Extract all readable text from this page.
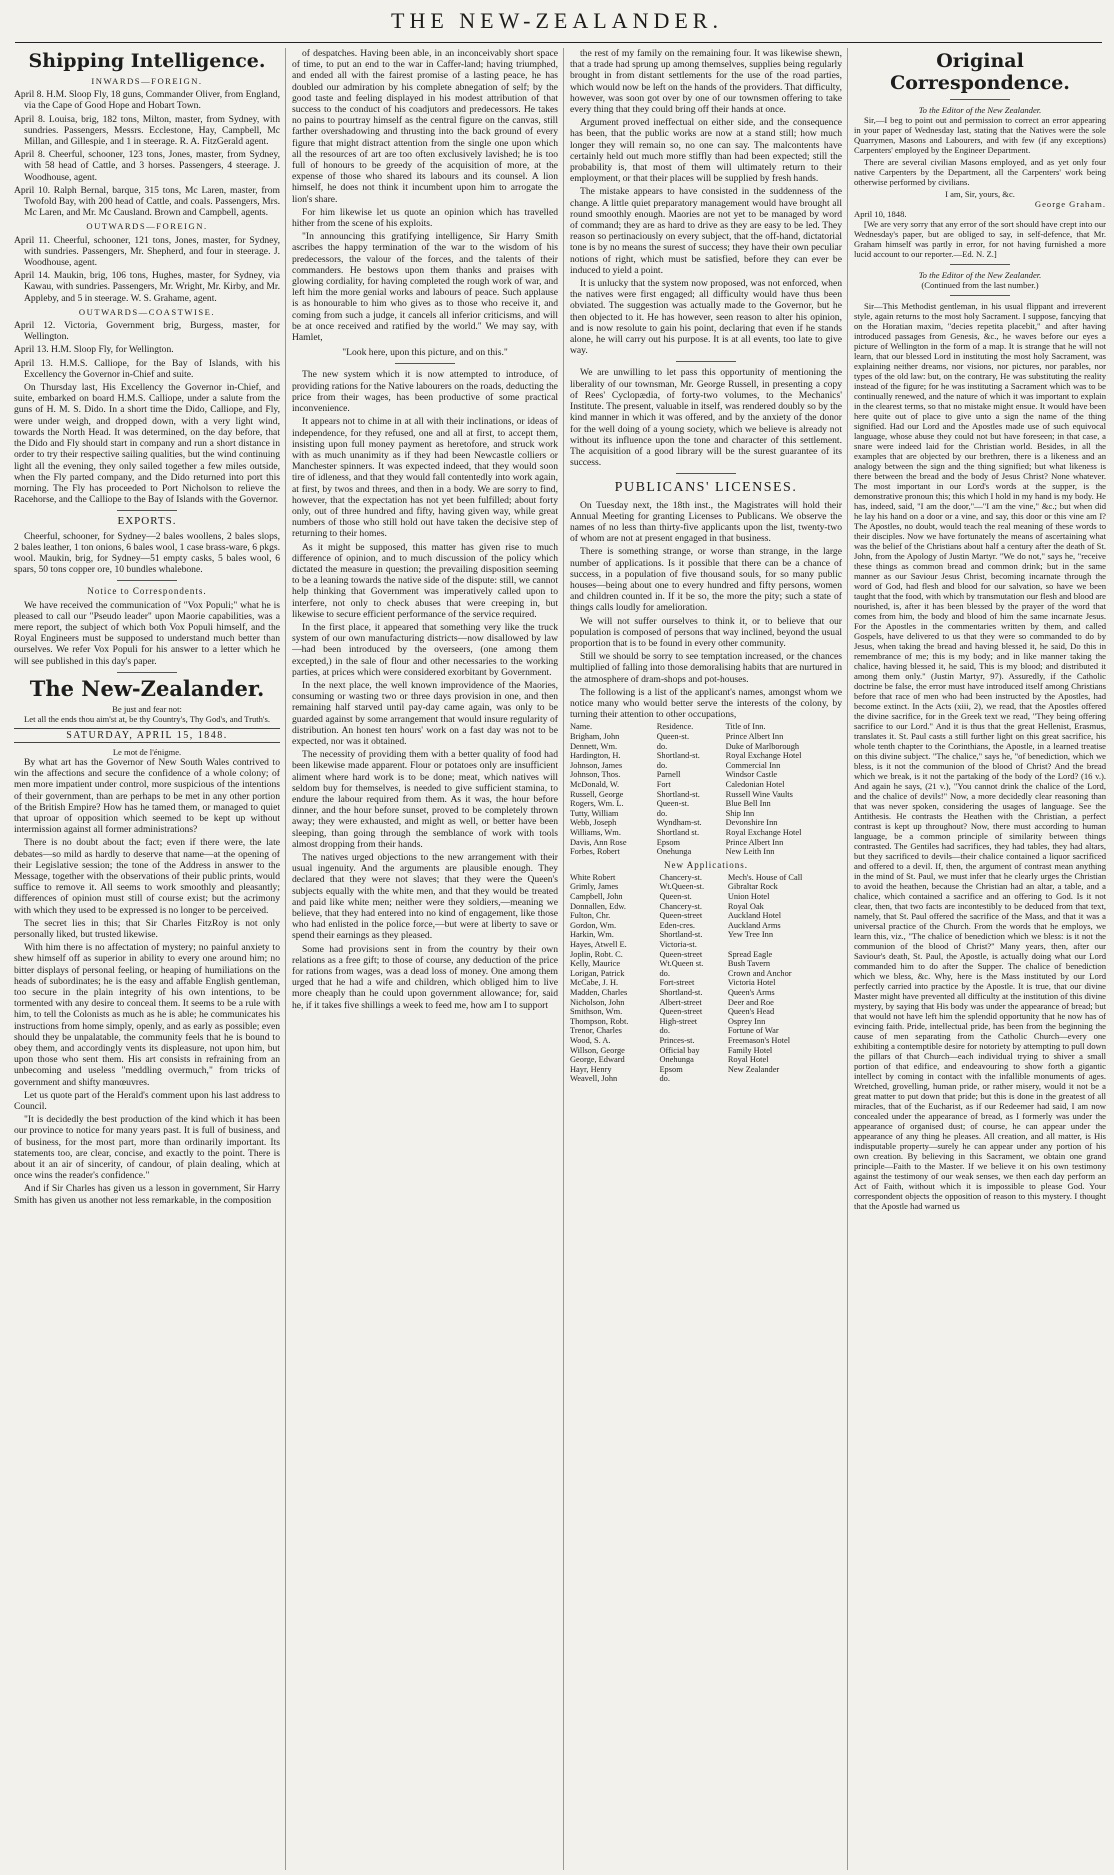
THE NEW-ZEALANDER.
Shipping Intelligence.
INWARDS—FOREIGN.

April 8. H.M. Sloop Fly, 18 guns, Commander Oliver, from England, via the Cape of Good Hope and Hobart Town.

April 8. Louisa, brig, 182 tons, Milton, master, from Sydney, with sundries. Passengers, Messrs. Ecclestone, Hay, Campbell, Mc Millan, and Gillespie, and 1 in steerage. R. A. FitzGerald agent.

April 8. Cheerful, schooner, 123 tons, Jones, master, from Sydney, with 58 head of Cattle, and 3 horses. Passengers, 4 steerage. J. Woodhouse, agent.

April 10. Ralph Bernal, barque, 315 tons, Mc Laren, master, from Twofold Bay, with 200 head of Cattle, and coals. Passengers, Mrs. Mc Laren, and Mr. Mc Causland. Brown and Campbell, agents.

OUTWARDS—FOREIGN.

April 11. Cheerful, schooner, 121 tons, Jones, master, for Sydney, with sundries. Passengers, Mr. Shepherd, and four in steerage. J. Woodhouse, agent.

April 14. Maukin, brig, 106 tons, Hughes, master, for Sydney, via Kawau, with sundries. Passengers, Mr. Wright, Mr. Kirby, and Mr. Appleby, and 5 in steerage. W. S. Grahame, agent.

OUTWARDS—COASTWISE.

April 12. Victoria, Government brig, Burgess, master, for Wellington.

April 13. H.M. Sloop Fly, for Wellington.

April 13. H.M.S. Calliope, for the Bay of Islands, with his Excellency the Governor in-Chief and suite.

On Thursday last, His Excellency the Governor in-Chief, and suite, embarked on board H.M.S. Calliope, under a salute from the guns of H. M. S. Dido. In a short time the Dido, Calliope, and Fly, were under weigh, and dropped down, with a very light wind, towards the North Head. It was determined, on the day before, that the Dido and Fly should start in company and run a short distance in order to try their respective sailing qualities, but the wind continuing light all the evening, they only sailed together a few miles outside, when the Fly parted company, and the Dido returned into port this morning. The Fly has proceeded to Port Nicholson to relieve the Racehorse, and the Calliope to the Bay of Islands with the Governor.

EXPORTS.

Cheerful, schooner, for Sydney—2 bales woollens, 2 bales slops, 2 bales leather, 1 ton onions, 6 bales wool, 1 case brass-ware, 6 pkgs. wool. Maukin, brig, for Sydney—51 empty casks, 5 bales wool, 6 spars, 50 tons copper ore, 10 bundles whalebone.

Notice to Correspondents.

We have received the communication of "Vox Populi;" what he is pleased to call our "Pseudo leader" upon Maorie capabilities, was a mere report, the subject of which both Vox Populi himself, and the Royal Engineers must be supposed to understand much better than ourselves. We refer Vox Populi for his answer to a letter which he will see published in this day's paper.

The New-Zealander.
Be just and fear not:
Let all the ends thou aim'st at, be thy Country's, Thy God's, and Truth's.
SATURDAY, APRIL 15, 1848.
Le mot de l'énigme.

By what art has the Governor of New South Wales contrived to win the affections and secure the confidence of a whole colony; of men more impatient under control, more suspicious of the intentions of their government, than are perhaps to be met in any other portion of the British Empire? How has he tamed them, or managed to quiet that uproar of opposition which seemed to be kept up without intermission against all former administrations?

There is no doubt about the fact; even if there were, the late debates—so mild as hardly to deserve that name—at the opening of their Legislative session; the tone of the Address in answer to the Message, together with the observations of their public prints, would suffice to remove it. All seems to work smoothly and pleasantly; differences of opinion must still of course exist; but the acrimony with which they used to be expressed is no longer to be perceived.

The secret lies in this; that Sir Charles FitzRoy is not only personally liked, but trusted likewise.

With him there is no affectation of mystery; no painful anxiety to shew himself off as superior in ability to every one around him; no bitter displays of personal feeling, or heaping of humiliations on the heads of subordinates; he is the easy and affable English gentleman, too secure in the plain integrity of his own intentions, to be tormented with any desire to conceal them. It seems to be a rule with him, to tell the Colonists as much as he is able; he communicates his instructions from home simply, openly, and as early as possible; even should they be unpalatable, the community feels that he is bound to obey them, and accordingly vents its displeasure, not upon him, but upon those who sent them. His art consists in refraining from an unbecoming and useless "meddling overmuch," from tricks of government and shifty manœuvres.

Let us quote part of the Herald's comment upon his last address to Council.

"It is decidedly the best production of the kind which it has been our province to notice for many years past. It is full of business, and of business, for the most part, more than ordinarily important. Its statements too, are clear, concise, and exactly to the point. There is about it an air of sincerity, of candour, of plain dealing, which at once wins the reader's confidence."

And if Sir Charles has given us a lesson in government, Sir Harry Smith has given us another not less remarkable, in the composition

of despatches. Having been able, in an inconceivably short space of time, to put an end to the war in Caffer-land; having triumphed, and ended all with the fairest promise of a lasting peace, he has doubled our admiration by his complete abnegation of self; by the good taste and feeling displayed in his modest attribution of that success to the conduct of his coadjutors and predecessors. He takes no pains to pourtray himself as the central figure on the canvas, still farther overshadowing and thrusting into the back ground of every figure that might distract attention from the single one upon which all the resources of art are too often exclusively lavished; he is too full of honours to be greedy of the acquisition of more, at the expense of those who shared its labours and its counsel. A lion himself, he does not think it incumbent upon him to arrogate the lion's share.

For him likewise let us quote an opinion which has travelled hither from the scene of his exploits.

"In announcing this gratifying intelligence, Sir Harry Smith ascribes the happy termination of the war to the wisdom of his predecessors, the valour of the forces, and the talents of their commanders. He bestows upon them thanks and praises with glowing cordiality, for having completed the rough work of war, and left him the more genial works and labours of peace. Such applause is as honourable to him who gives as to those who receive it, and coming from such a judge, it cancels all inferior criticisms, and will be at once received and ratified by the world." We may say, with Hamlet,

"Look here, upon this picture, and on this."

The new system which it is now attempted to introduce, of providing rations for the Native labourers on the roads, deducting the price from their wages, has been productive of some practical inconvenience.

It appears not to chime in at all with their inclinations, or ideas of independence, for they refused, one and all at first, to accept them, insisting upon full money payment as heretofore, and struck work with as much unanimity as if they had been Newcastle colliers or Manchester spinners. It was expected indeed, that they would soon tire of idleness, and that they would fall contentedly into work again, at first, by twos and threes, and then in a body. We are sorry to find, however, that the expectation has not yet been fulfilled; about forty only, out of three hundred and fifty, having given way, while great numbers of those who still hold out have taken the decisive step of returning to their homes.

As it might be supposed, this matter has given rise to much difference of opinion, and to much discussion of the policy which dictated the measure in question; the prevailing disposition seeming to be a leaning towards the native side of the dispute: still, we cannot help thinking that Government was imperatively called upon to interfere, not only to check abuses that were creeping in, but likewise to secure efficient performance of the service required.

In the first place, it appeared that something very like the truck system of our own manufacturing districts—now disallowed by law—had been introduced by the overseers, (one among them excepted,) in the sale of flour and other necessaries to the working parties, at prices which were considered exorbitant by Government.

In the next place, the well known improvidence of the Maories, consuming or wasting two or three days provision in one, and then remaining half starved until pay-day came again, was only to be guarded against by some arrangement that would insure regularity of distribution. An honest ten hours' work on a fast day was not to be expected, nor was it obtained.

The necessity of providing them with a better quality of food had been likewise made apparent. Flour or potatoes only are insufficient aliment where hard work is to be done; meat, which natives will seldom buy for themselves, is needed to give sufficient stamina, to endure the labour required from them. As it was, the hour before dinner, and the hour before sunset, proved to be completely thrown away; they were exhausted, and might as well, or better have been sleeping, than going through the semblance of work with tools almost dropping from their hands.

The natives urged objections to the new arrangement with their usual ingenuity. And the arguments are plausible enough. They declared that they were not slaves; that they were the Queen's subjects equally with the white men, and that they would be treated and paid like white men; neither were they soldiers,—meaning we believe, that they had entered into no kind of engagement, like those who had enlisted in the police force,—but were at liberty to save or spend their earnings as they pleased.

Some had provisions sent in from the country by their own relations as a free gift; to those of course, any deduction of the price for rations from wages, was a dead loss of money. One among them urged that he had a wife and children, which obliged him to live more cheaply than he could upon government allowance; for, said he, if it takes five shillings a week to feed me, how am I to support

the rest of my family on the remaining four. It was likewise shewn, that a trade had sprung up among themselves, supplies being regularly brought in from distant settlements for the use of the road parties, which would now be left on the hands of the providers. That difficulty, however, was soon got over by one of our townsmen offering to take every thing that they could bring off their hands at once.

Argument proved ineffectual on either side, and the consequence has been, that the public works are now at a stand still; how much longer they will remain so, no one can say. The malcontents have certainly held out much more stiffly than had been expected; still the probability is, that most of them will ultimately return to their employment, or that their places will be supplied by fresh hands.

The mistake appears to have consisted in the suddenness of the change. A little quiet preparatory management would have brought all round smoothly enough. Maories are not yet to be managed by word of command; they are as hard to drive as they are easy to be led. They reason so pertinaciously on every subject, that the off-hand, dictatorial tone is by no means the surest of success; they have their own peculiar notions of right, which must be satisfied, before they can ever be induced to yield a point.

It is unlucky that the system now proposed, was not enforced, when the natives were first engaged; all difficulty would have thus been obviated. The suggestion was actually made to the Governor, but he then objected to it. He has however, seen reason to alter his opinion, and is now resolute to gain his point, declaring that even if he stands alone, he will carry out his purpose. It is at all events, too late to give way.

We are unwilling to let pass this opportunity of mentioning the liberality of our townsman, Mr. George Russell, in presenting a copy of Rees' Cyclopædia, of forty-two volumes, to the Mechanics' Institute. The present, valuable in itself, was rendered doubly so by the kind manner in which it was offered, and by the anxiety of the donor for the well doing of a young society, which we believe is already not without its influence upon the tone and character of this settlement. The acquisition of a good library will be the surest guarantee of its success.

PUBLICANS' LICENSES.

On Tuesday next, the 18th inst., the Magistrates will hold their Annual Meeting for granting Licenses to Publicans. We observe the names of no less than thirty-five applicants upon the list, twenty-two of whom are not at present engaged in that business.

There is something strange, or worse than strange, in the large number of applications. Is it possible that there can be a chance of success, in a population of five thousand souls, for so many public houses—being about one to every hundred and fifty persons, women and children counted in. If it be so, the more the pity; such a state of things calls loudly for amelioration.

We will not suffer ourselves to think it, or to believe that our population is composed of persons that way inclined, beyond the usual proportion that is to be found in every other community.

Still we should be sorry to see temptation increased, or the chances multiplied of falling into those demoralising habits that are nurtured in the atmosphere of dram-shops and pot-houses.

The following is a list of the applicant's names, amongst whom we notice many who would better serve the interests of the colony, by turning their attention to other occupations,

Name.	Residence.	Title of Inn.
Brigham, John	Queen-st.	Prince Albert Inn
Dennett, Wm.	do.	Duke of Marlborough
Hardington, H.	Shortland-st.	Royal Exchange Hotel
Johnson, James	do.	Commercial Inn
Johnson, Thos.	Parnell	Windsor Castle
McDonald, W.	Fort	Caledonian Hotel
Russell, George	Shortland-st.	Russell Wine Vaults
Rogers, Wm. L.	Queen-st.	Blue Bell Inn
Tutty, William	do.	Ship Inn
Webb, Joseph	Wyndham-st.	Devonshire Inn
Williams, Wm.	Shortland st.	Royal Exchange Hotel
Davis, Ann Rose	Epsom	Prince Albert Inn
Forbes, Robert	Onehunga	New Leith Inn
New Applications.
White Robert	Chancery-st.	Mech's. House of Call
Grimly, James	Wt.Queen-st.	Gibraltar Rock
Campbell, John	Queen-st.	Union Hotel
Donnallen, Edw.	Chancery-st.	Royal Oak
Fulton, Chr.	Queen-street	Auckland Hotel
Gordon, Wm.	Eden-cres.	Auckland Arms
Harkin, Wm.	Shortland-st.	Yew Tree Inn
Hayes, Atwell E.	Victoria-st.	
Joplin, Robt. C.	Queen-street	Spread Eagle
Kelly, Maurice	Wt.Queen st.	Bush Tavern
Lorigan, Patrick	do.	Crown and Anchor
McCabe, J. H.	Fort-street	Victoria Hotel
Madden, Charles	Shortland-st.	Queen's Arms
Nicholson, John	Albert-street	Deer and Roe
Smithson, Wm.	Queen-street	Queen's Head
Thompson, Robt.	High-street	Osprey Inn
Trenor, Charles	do.	Fortune of War
Wood, S. A.	Princes-st.	Freemason's Hotel
Willson, George	Official bay	Family Hotel
George, Edward	Onehunga	Royal Hotel
Hayr, Henry	Epsom	New Zealander
Weavell, John	do.	
Original Correspondence.
To the Editor of the New Zealander.

Sir,—I beg to point out and permission to correct an error appearing in your paper of Wednesday last, stating that the Natives were the sole Quarrymen, Masons and Labourers, and with few (if any exceptions) Carpenters' employed by the Engineer Department.

There are several civilian Masons employed, and as yet only four native Carpenters by the Department, all the Carpenters' work being otherwise performed by civilians.

I am, Sir, yours, &c.
George Graham.
April 10, 1848.

[We are very sorry that any error of the sort should have crept into our Wednesday's paper, but are obliged to say, in self-defence, that Mr. Graham himself was partly in error, for not having furnished a more lucid account to our reporter.—Ed. N. Z.]

To the Editor of the New Zealander.
(Continued from the last number.)

Sir—This Methodist gentleman, in his usual flippant and irreverent style, again returns to the most holy Sacrament. I suppose, fancying that on the Horatian maxim, "decies repetita placebit," and after having introduced passages from Genesis, &c., he waves before our eyes a picture of Wellington in the form of a map. It is strange that he will not learn, that our blessed Lord in instituting the most holy Sacrament, was explaining neither dreams, nor visions, nor pictures, nor parables, nor types of the old law: but, on the contrary, He was substituting the reality instead of the figure; for he was instituting a Sacrament which was to be continually renewed, and the nature of which it was important to explain in the clearest terms, so that no mistake might ensue. It would have been here quite out of place to give unto a sign the name of the thing signified. Had our Lord and the Apostles made use of such equivocal language, whose abuse they could not but have foreseen; in that case, a snare were indeed laid for the Christian world. Besides, in all the examples that are objected by our brethren, there is a likeness and an analogy between the sign and the thing signified; but what likeness is there between the bread and the body of Jesus Christ? None whatever. The most important in our Lord's words at the supper, is the demonstrative pronoun this; this which I hold in my hand is my body. He has, indeed, said, "I am the door,"—"I am the vine," &c.; but when did he lay his hand on a door or a vine, and say, this door or this vine am I? The Apostles, no doubt, would teach the real meaning of these words to their disciples. Now we have fortunately the means of ascertaining what was the belief of the Christians about half a century after the death of St. John, from the Apology of Justin Martyr. "We do not," says he, "receive these things as common bread and common drink; but in the same manner as our Saviour Jesus Christ, becoming incarnate through the word of God, had flesh and blood for our salvation, so have we been taught that the food, with which by transmutation our flesh and blood are nourished, is, after it has been blessed by the prayer of the word that comes from him, the body and blood of him the same incarnate Jesus. For the Apostles in the commentaries written by them, and called Gospels, have delivered to us that they were so commanded to do by Jesus, when taking the bread and having blessed it, he said, Do this in remembrance of me; this is my body; and in like manner taking the chalice, having blessed it, he said, This is my blood; and distributed it among them only." (Justin Martyr, 97). Assuredly, if the Catholic doctrine be false, the error must have introduced itself among Christians before that race of men who had been instructed by the Apostles, had become extinct. In the Acts (xiii, 2), we read, that the Apostles offered the divine sacrifice, for in the Greek text we read, "They being offering sacrifice to our Lord." And it is thus that the great Hellenist, Erasmus, translates it. St. Paul casts a still further light on this great sacrifice, his whole tenth chapter to the Corinthians, the Apostle, in a learned treatise on this divine subject. "The chalice," says he, "of benediction, which we bless, is it not the communion of the blood of Christ? And the bread which we break, is it not the partaking of the body of the Lord? (16 v.). And again he says, (21 v.), "You cannot drink the chalice of the Lord, and the chalice of devils!" Now, a more decidedly clear reasoning than that was never spoken, considering the usages of language. See the Antithesis. He contrasts the Heathen with the Christian, a perfect contrast is kept up throughout? Now, there must according to human language, be a common principle of similarity between things contrasted. The Gentiles had sacrifices, they had tables, they had altars, but they sacrificed to devils—their chalice contained a liquor sacrificed and offered to a devil. If, then, the argument of contrast mean anything in the mind of St. Paul, we must infer that he clearly urges the Christian to avoid the heathen, because the Christian had an altar, a table, and a chalice, which contained a sacrifice and an offering to God. Is it not clear, then, that two facts are incontestibly to be deduced from that text, namely, that St. Paul offered the sacrifice of the Mass, and that it was a universal practice of the Church. From the words that he employs, we learn this, viz., "The chalice of benediction which we bless: is it not the communion of the blood of Christ?" Many years, then, after our Saviour's death, St. Paul, the Apostle, is actually doing what our Lord commanded him to do after the Supper. The chalice of benediction which we bless, &c. Why, here is the Mass instituted by our Lord perfectly carried into practice by the Apostle. It is true, that our divine Master might have prevented all difficulty at the institution of this divine mystery, by saying that His body was under the appearance of bread; but that would not have left him the splendid opportunity that he now has of evincing faith. Pride, intellectual pride, has been from the beginning the cause of men separating from the Catholic Church—every one exhibiting a contemptible desire for notoriety by attempting to pull down the pillars of that Church—each individual trying to shiver a small portion of that edifice, and endeavouring to show forth a gigantic intellect by coming in contact with the infallible monuments of ages. Wretched, grovelling, human pride, or rather misery, would it not be a great matter to put down that pride; but this is done in the greatest of all miracles, that of the Eucharist, as if our Redeemer had said, I am now concealed under the appearance of bread, as I formerly was under the appearance of organised dust; of course, he can appear under the appearance of any thing he pleases. All creation, and all matter, is His indisputable property—surely he can appear under any portion of his own creation. By believing in this Sacrament, we obtain one grand principle—Faith to the Master. If we believe it on his own testimony against the testimony of our weak senses, we then each day perform an Act of Faith, without which it is impossible to please God. Your correspondent objects the opposition of reason to this mystery. I thought that the Apostle had warned us
